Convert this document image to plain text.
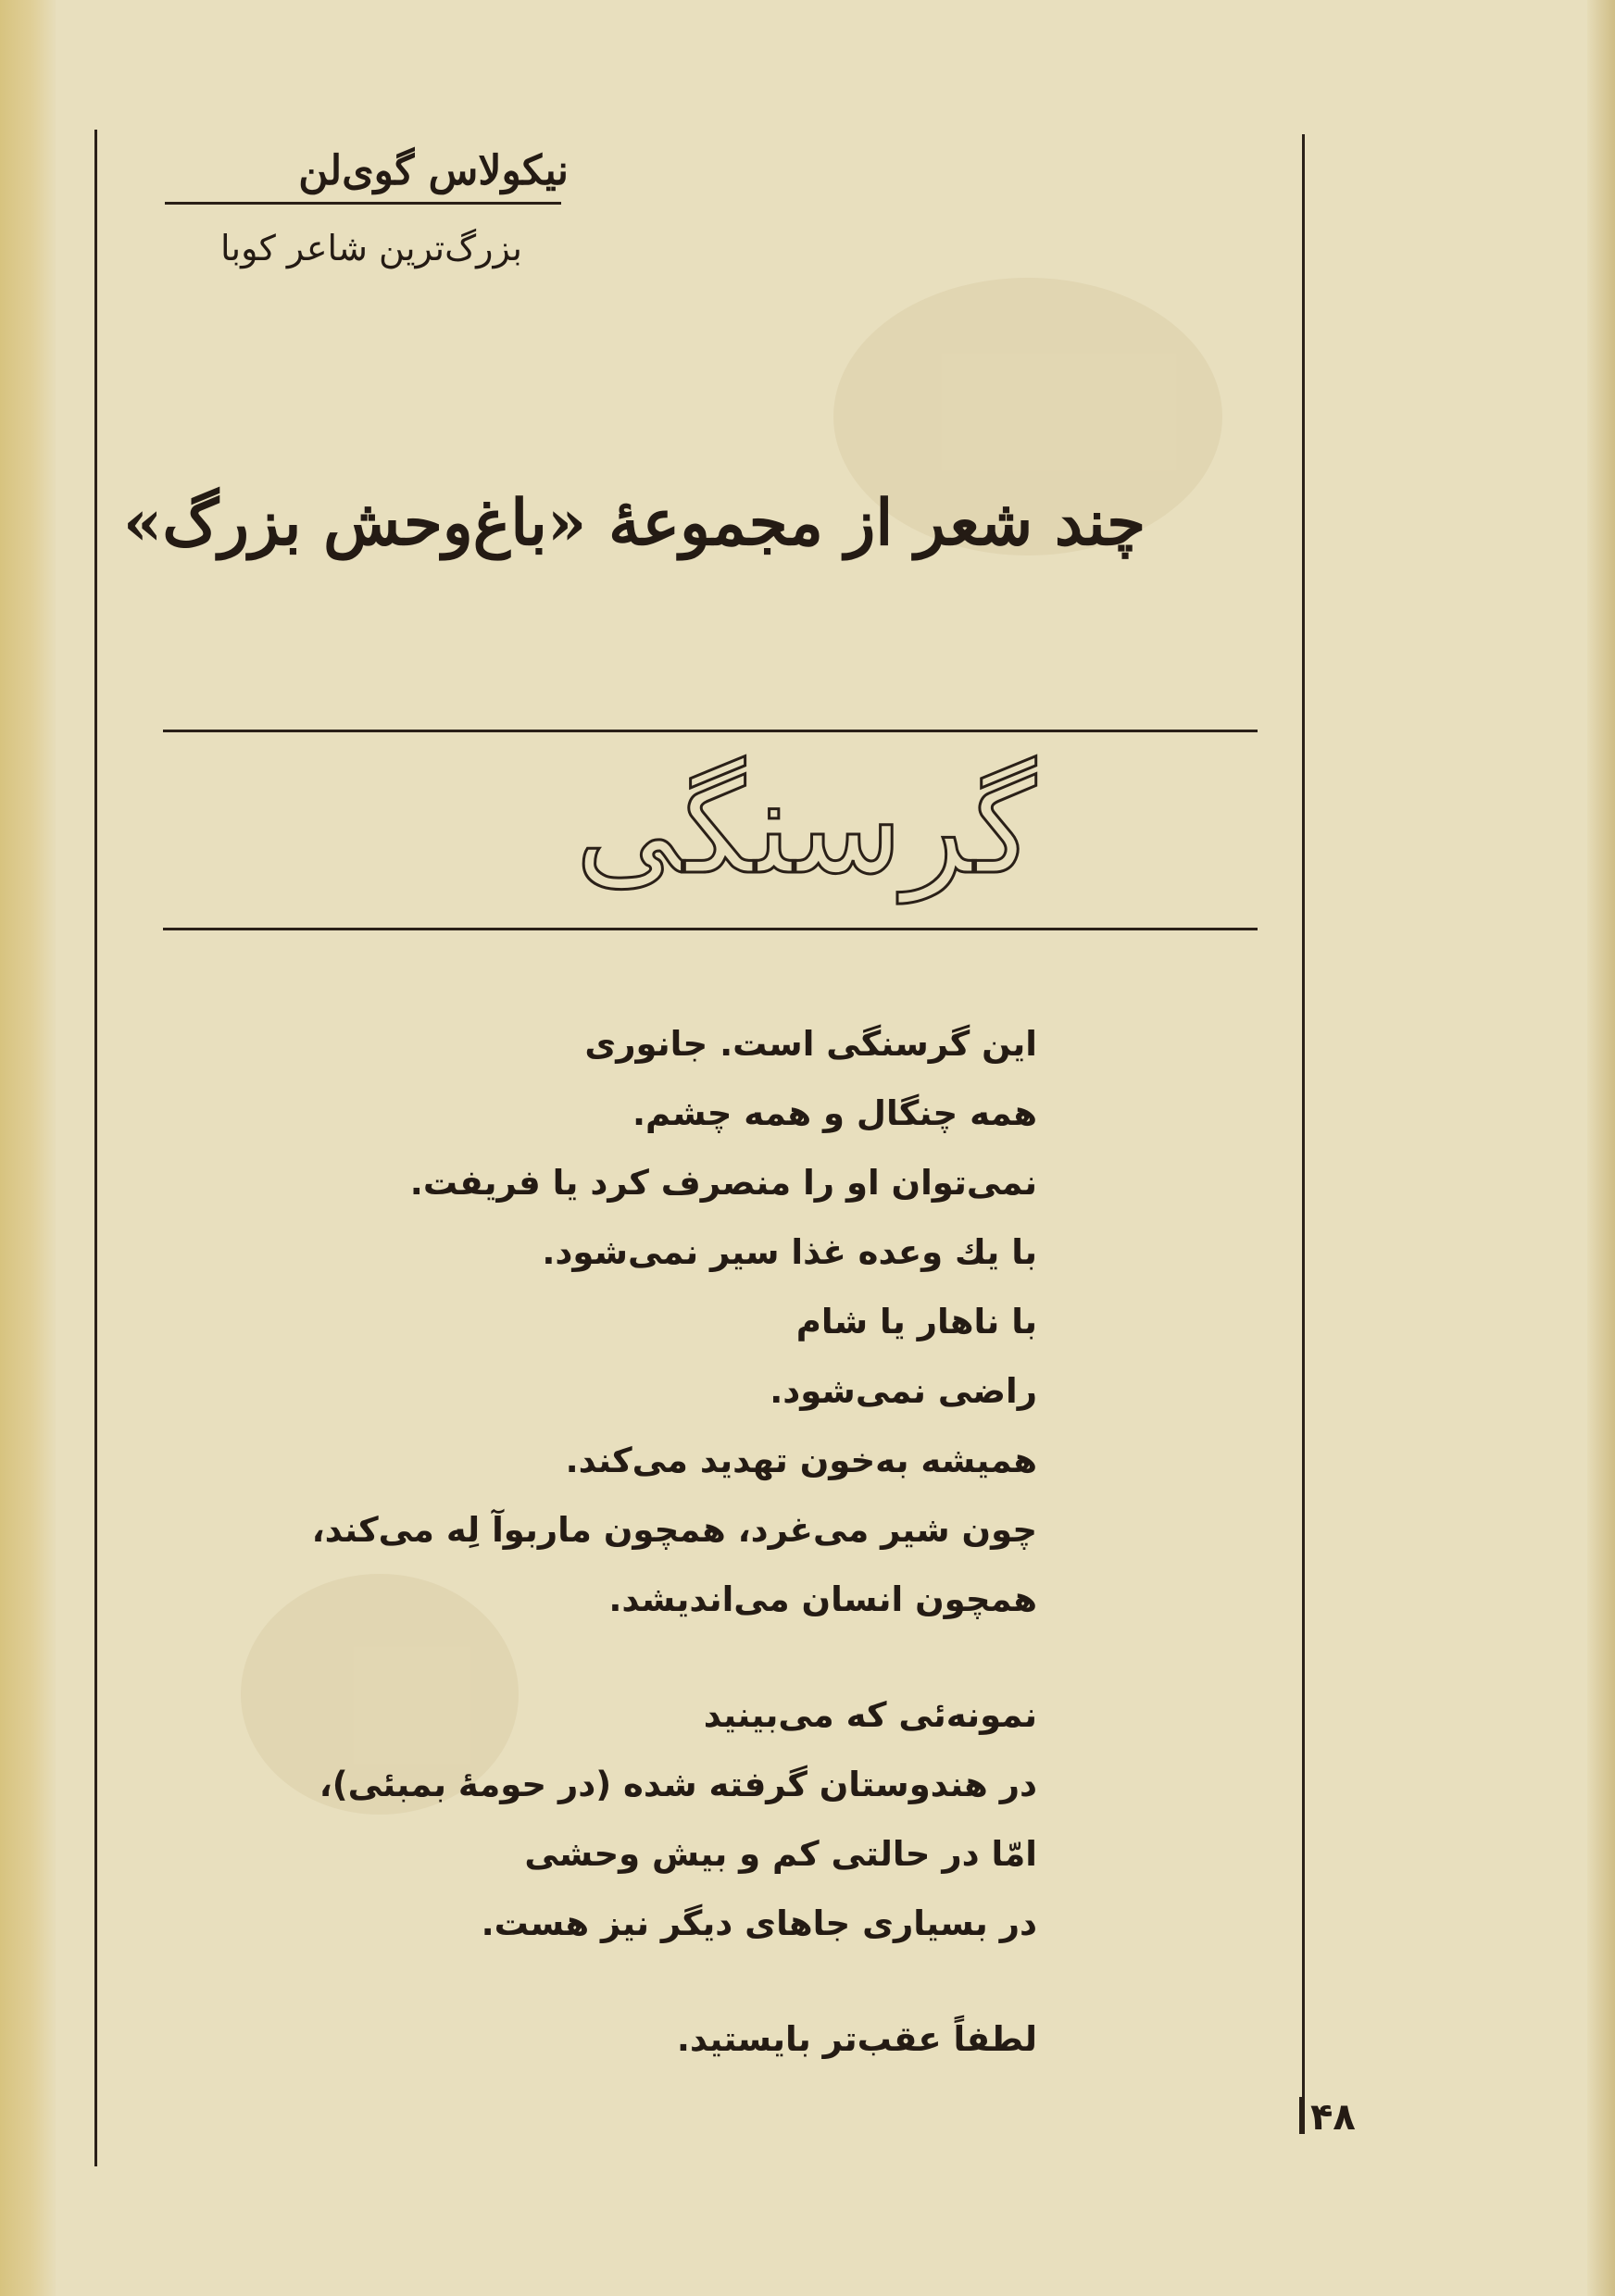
نیکولاس گوی‌لن
بزرگ‌ترین شاعر کوبا
چند شعر از مجموعهٔ «باغ‌وحش بزرگ»
گرسنگی
این گرسنگی است. جانوری
همه چنگال و همه چشم.
نمی‌توان او را منصرف کرد یا فریفت.
با یك وعده غذا سیر نمی‌شود.
با ناهار یا شام
راضی نمی‌شود.
همیشه به‌خون تهدید می‌کند.
چون شیر می‌غرد، همچون ماربوآ لِه می‌کند،
همچون انسان می‌اندیشد.
نمونه‌ئی که می‌بینید
در هندوستان گرفته شده (در حومهٔ بمبئی)،
امّا در حالتی کم و بیش وحشی
در بسیاری جاهای دیگر نیز هست.
لطفاً عقب‌تر بایستید.
۴۸
